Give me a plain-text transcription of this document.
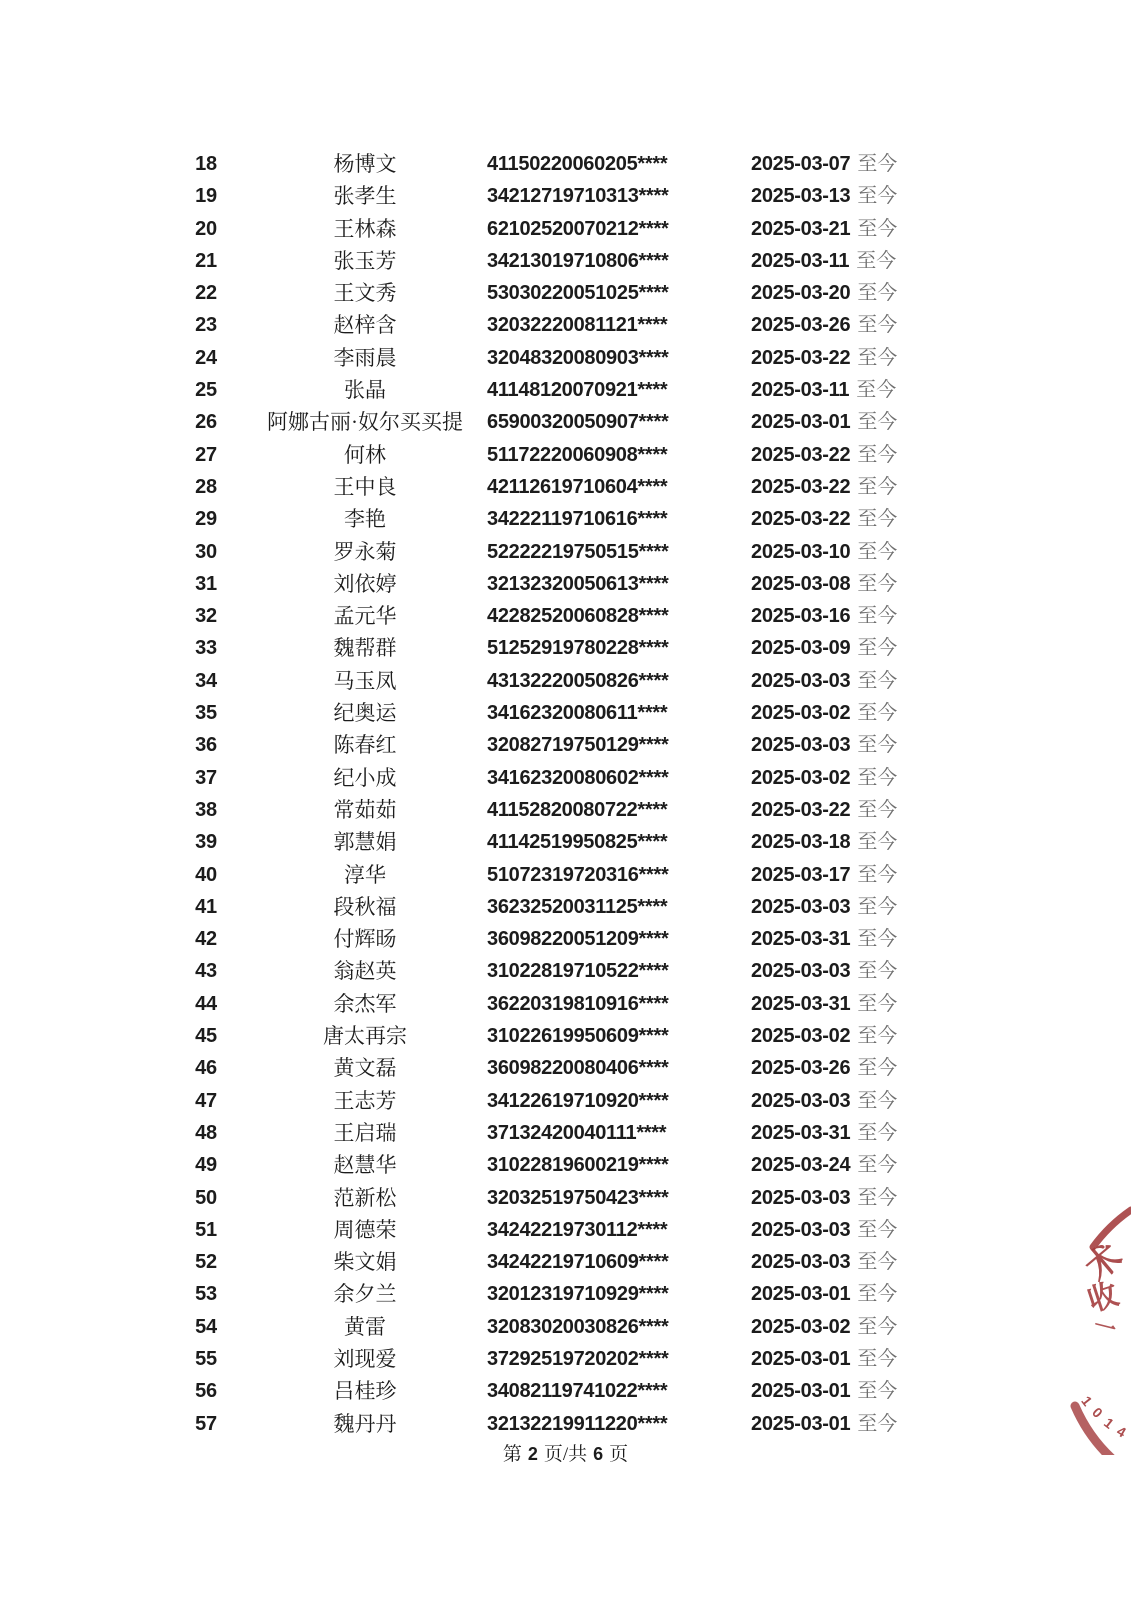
18	杨博文	41150220060205****	2025-03-07 至今
19	张孝生	34212719710313****	2025-03-13 至今
20	王林森	62102520070212****	2025-03-21 至今
21	张玉芳	34213019710806****	2025-03-11 至今
22	王文秀	53030220051025****	2025-03-20 至今
23	赵梓含	32032220081121****	2025-03-26 至今
24	李雨晨	32048320080903****	2025-03-22 至今
25	张晶	41148120070921****	2025-03-11 至今
26	阿娜古丽·奴尔买买提	65900320050907****	2025-03-01 至今
27	何林	51172220060908****	2025-03-22 至今
28	王中良	42112619710604****	2025-03-22 至今
29	李艳	34222119710616****	2025-03-22 至今
30	罗永菊	52222219750515****	2025-03-10 至今
31	刘依婷	32132320050613****	2025-03-08 至今
32	孟元华	42282520060828****	2025-03-16 至今
33	魏帮群	51252919780228****	2025-03-09 至今
34	马玉凤	43132220050826****	2025-03-03 至今
35	纪奥运	34162320080611****	2025-03-02 至今
36	陈春红	32082719750129****	2025-03-03 至今
37	纪小成	34162320080602****	2025-03-02 至今
38	常茹茹	41152820080722****	2025-03-22 至今
39	郭慧娟	41142519950825****	2025-03-18 至今
40	淳华	51072319720316****	2025-03-17 至今
41	段秋福	36232520031125****	2025-03-03 至今
42	付辉旸	36098220051209****	2025-03-31 至今
43	翁赵英	31022819710522****	2025-03-03 至今
44	余杰军	36220319810916****	2025-03-31 至今
45	唐太再宗	31022619950609****	2025-03-02 至今
46	黄文磊	36098220080406****	2025-03-26 至今
47	王志芳	34122619710920****	2025-03-03 至今
48	王启瑞	37132420040111****	2025-03-31 至今
49	赵慧华	31022819600219****	2025-03-24 至今
50	范新松	32032519750423****	2025-03-03 至今
51	周德荣	34242219730112****	2025-03-03 至今
52	柴文娟	34242219710609****	2025-03-03 至今
53	余夕兰	32012319710929****	2025-03-01 至今
54	黄雷	32083020030826****	2025-03-02 至今
55	刘现爱	37292519720202****	2025-03-01 至今
56	吕桂珍	34082119741022****	2025-03-01 至今
57	魏丹丹	32132219911220****	2025-03-01 至今
第 2 页/共 6 页
术
收
一
1
0
1
4
